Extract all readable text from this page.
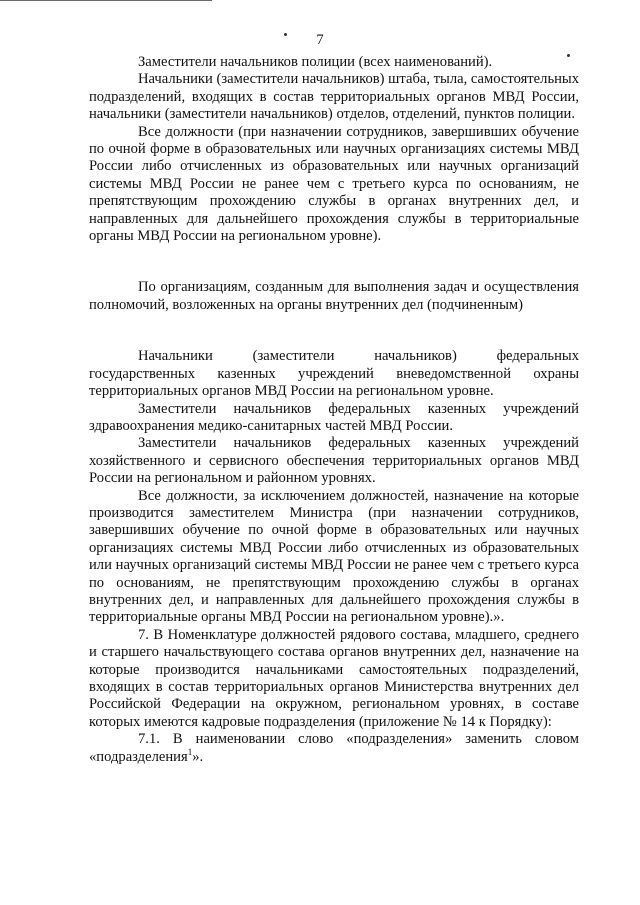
7

Заместители начальников полиции (всех наименований).

Начальники (заместители начальников) штаба, тыла, самостоятельных подразделений, входящих в состав территориальных органов МВД России, начальники (заместители начальников) отделов, отделений, пунктов полиции.

Все должности (при назначении сотрудников, завершивших обучение по очной форме в образовательных или научных организациях системы МВД России либо отчисленных из образовательных или научных организаций системы МВД России не ранее чем с третьего курса по основаниям, не препятствующим прохождению службы в органах внутренних дел, и направленных для дальнейшего прохождения службы в территориальные органы МВД России на региональном уровне).

По организациям, созданным для выполнения задач и осуществления полномочий, возложенных на органы внутренних дел (подчиненным)

Начальники (заместители начальников) федеральных государственных казенных учреждений вневедомственной охраны территориальных органов МВД России на региональном уровне.

Заместители начальников федеральных казенных учреждений здравоохранения медико-санитарных частей МВД России.

Заместители начальников федеральных казенных учреждений хозяйственного и сервисного обеспечения территориальных органов МВД России на региональном и районном уровнях.

Все должности, за исключением должностей, назначение на которые производится заместителем Министра (при назначении сотрудников, завершивших обучение по очной форме в образовательных или научных организациях системы МВД России либо отчисленных из образовательных или научных организаций системы МВД России не ранее чем с третьего курса по основаниям, не препятствующим прохождению службы в органах внутренних дел, и направленных для дальнейшего прохождения службы в территориальные органы МВД России на региональном уровне).».

7. В Номенклатуре должностей рядового состава, младшего, среднего и старшего начальствующего состава органов внутренних дел, назначение на которые производится начальниками самостоятельных подразделений, входящих в состав территориальных органов Министерства внутренних дел Российской Федерации на окружном, региональном уровнях, в составе которых имеются кадровые подразделения (приложение № 14 к Порядку):

7.1. В наименовании слово «подразделения» заменить словом «подразделения$^1$».
